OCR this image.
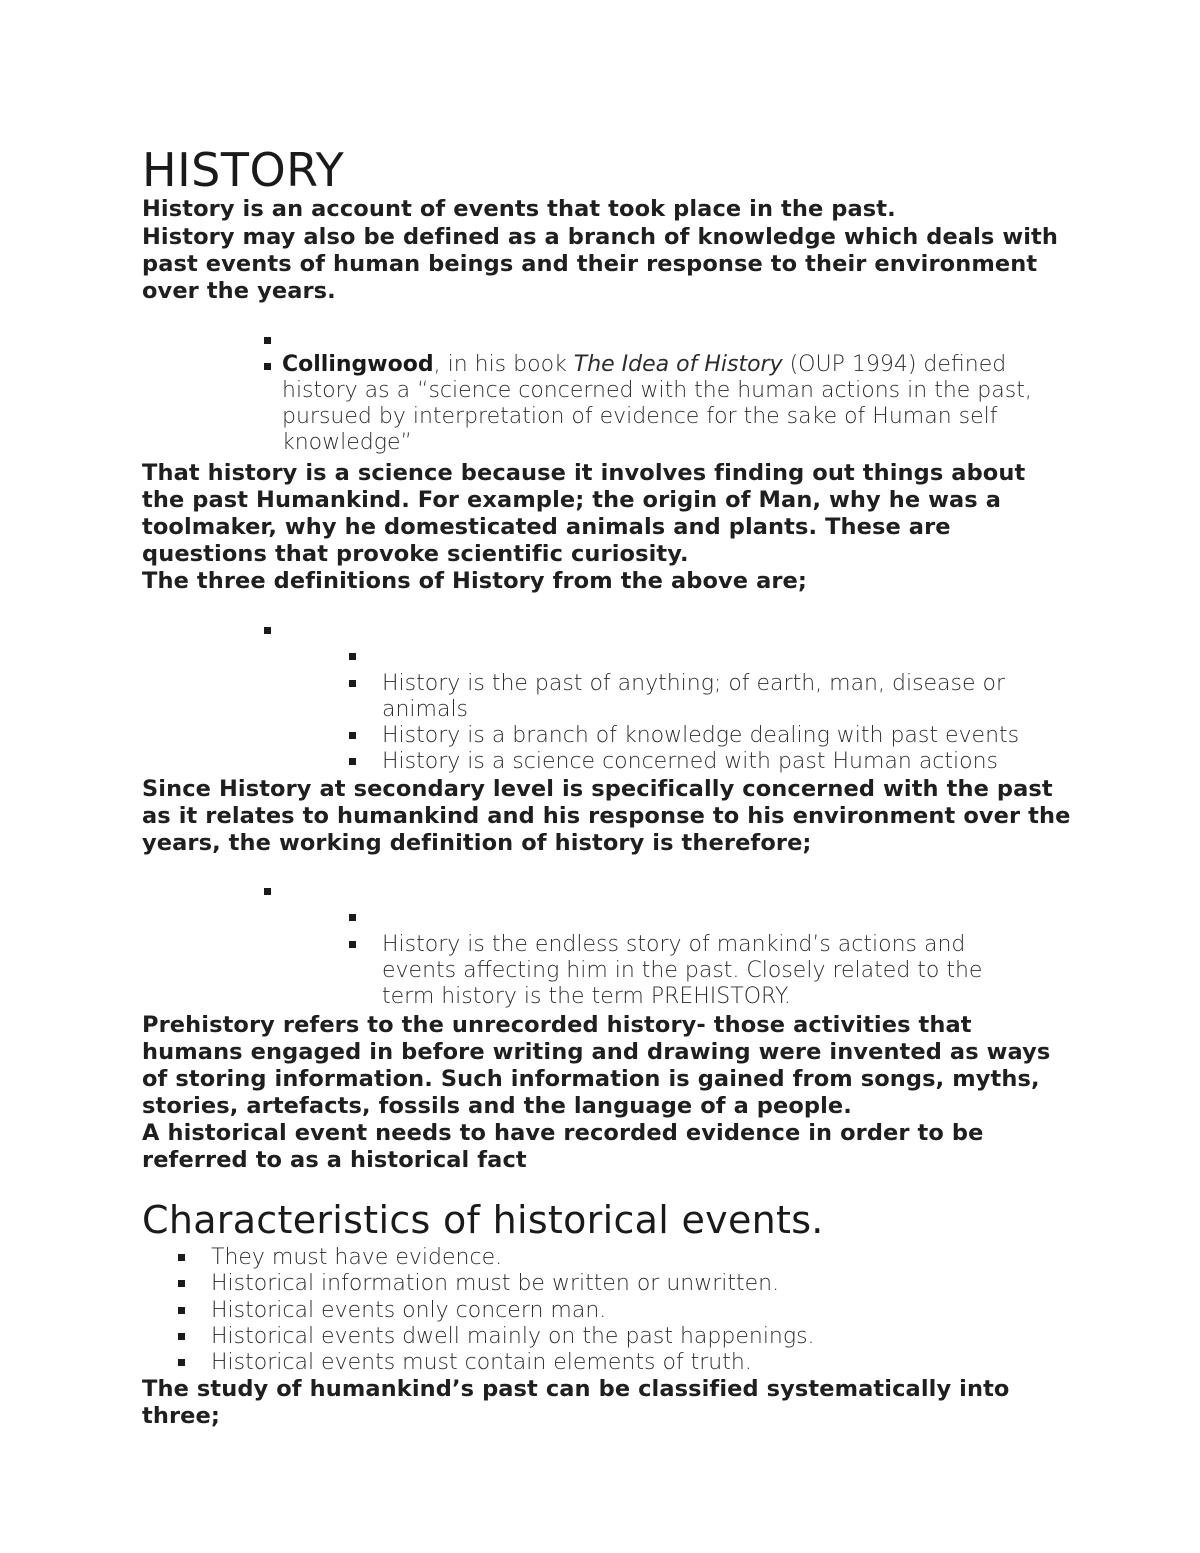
HISTORY
History is an account of events that took place in the past.
History may also be defined as a branch of knowledge which deals with past events of human beings and their response to their environment over the years.
Collingwood, in his book The Idea of History (OUP 1994) defined history as a “science concerned with the human actions in the past, pursued by interpretation of evidence for the sake of Human self knowledge”
That history is a science because it involves finding out things about the past Humankind. For example; the origin of Man, why he was a toolmaker, why he domesticated animals and plants. These are questions that provoke scientific curiosity.
The three definitions of History from the above are;
History is the past of anything; of earth, man, disease or animals
History is a branch of knowledge dealing with past events
History is a science concerned with past Human actions
Since History at secondary level is specifically concerned with the past as it relates to humankind and his response to his environment over the years, the working definition of history is therefore;
History is the endless story of mankind’s actions and events affecting him in the past. Closely related to the term history is the term PREHISTORY.
Prehistory refers to the unrecorded history- those activities that humans engaged in before writing and drawing were invented as ways of storing information. Such information is gained from songs, myths, stories, artefacts, fossils and the language of a people.
A historical event needs to have recorded evidence in order to be referred to as a historical fact
Characteristics of historical events.
They must have evidence.
Historical information must be written or unwritten.
Historical events only concern man.
Historical events dwell mainly on the past happenings.
Historical events must contain elements of truth.
The study of humankind’s past can be classified systematically into three;
